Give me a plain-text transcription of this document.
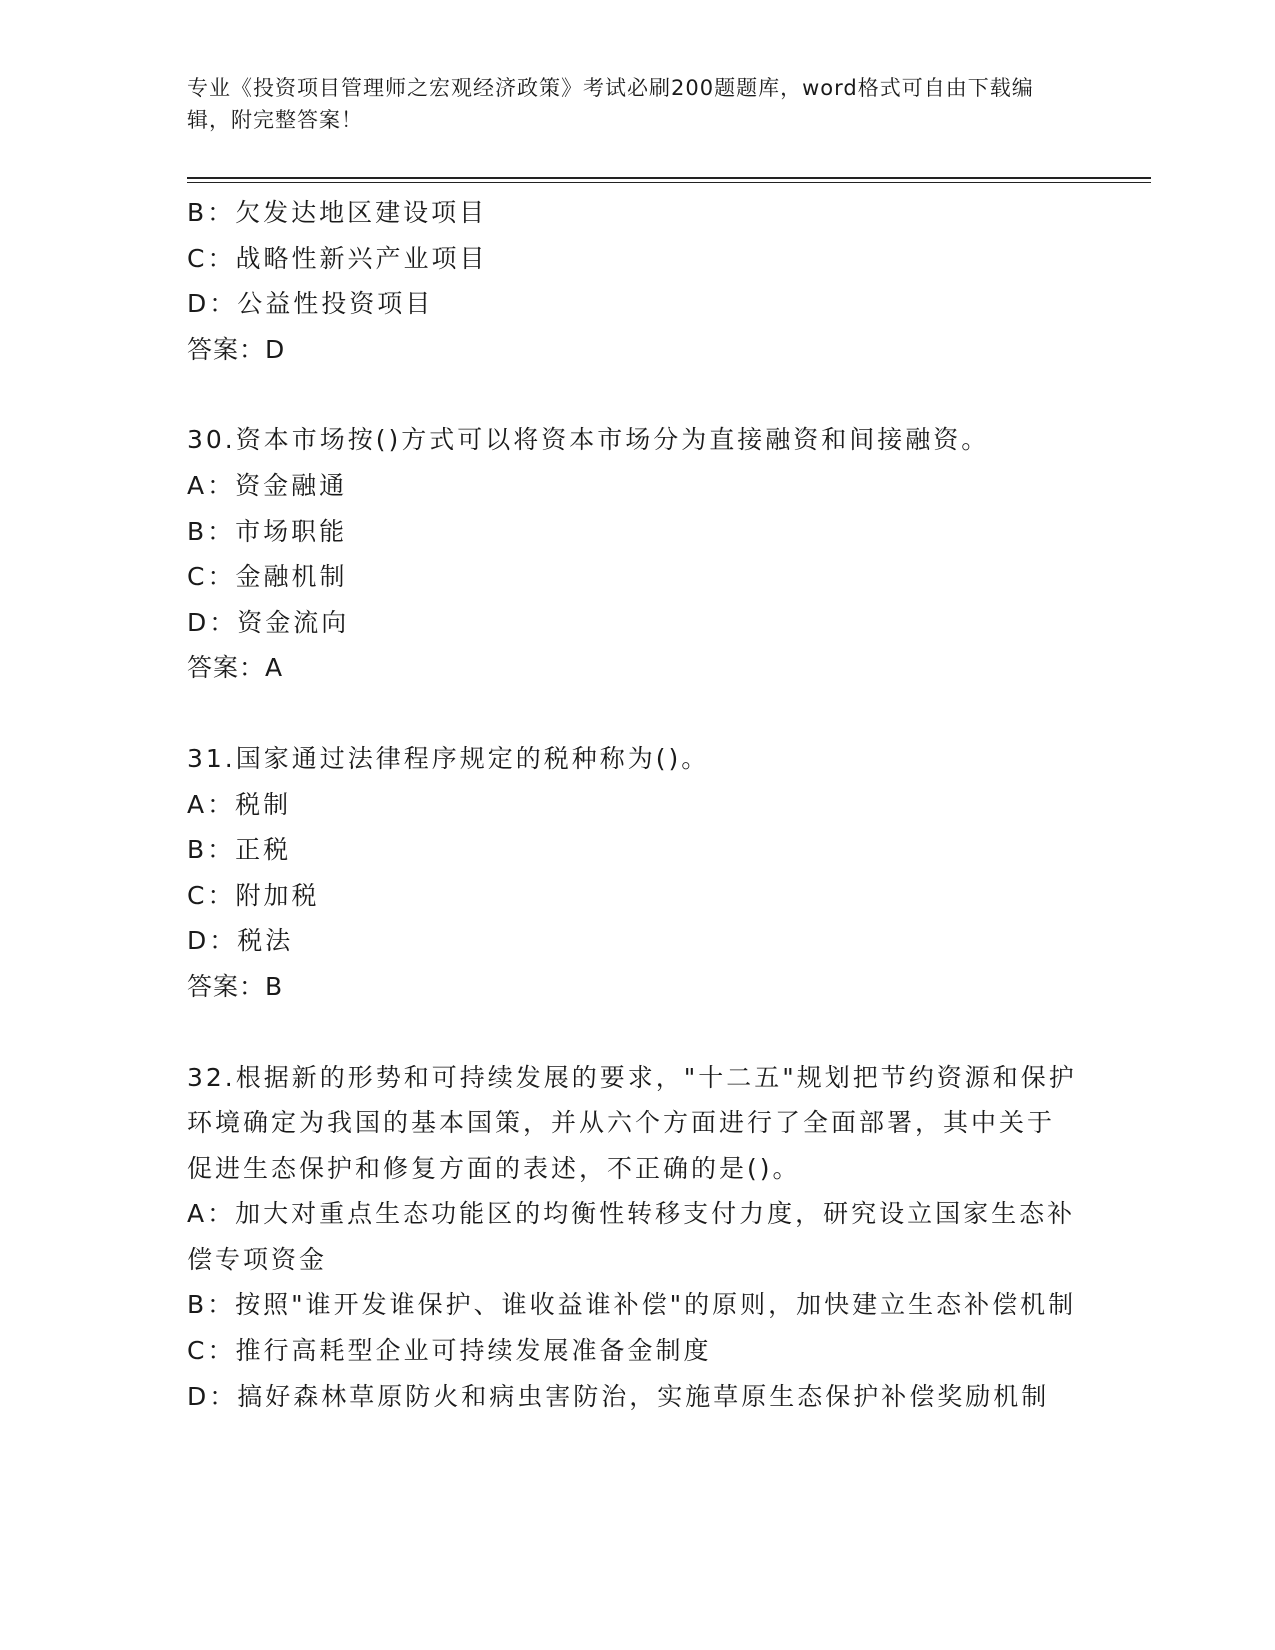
专业《投资项目管理师之宏观经济政策》考试必刷200题题库，word格式可自由下载编辑，附完整答案！

B：欠发达地区建设项目

C：战略性新兴产业项目

D：公益性投资项目

答案：D

30.资本市场按()方式可以将资本市场分为直接融资和间接融资。

A：资金融通

B：市场职能

C：金融机制

D：资金流向

答案：A

31.国家通过法律程序规定的税种称为()。

A：税制

B：正税

C：附加税

D：税法

答案：B

32.根据新的形势和可持续发展的要求，"十二五"规划把节约资源和保护环境确定为我国的基本国策，并从六个方面进行了全面部署，其中关于促进生态保护和修复方面的表述，不正确的是()。

A：加大对重点生态功能区的均衡性转移支付力度，研究设立国家生态补偿专项资金

B：按照"谁开发谁保护、谁收益谁补偿"的原则，加快建立生态补偿机制

C：推行高耗型企业可持续发展准备金制度

D：搞好森林草原防火和病虫害防治，实施草原生态保护补偿奖励机制
